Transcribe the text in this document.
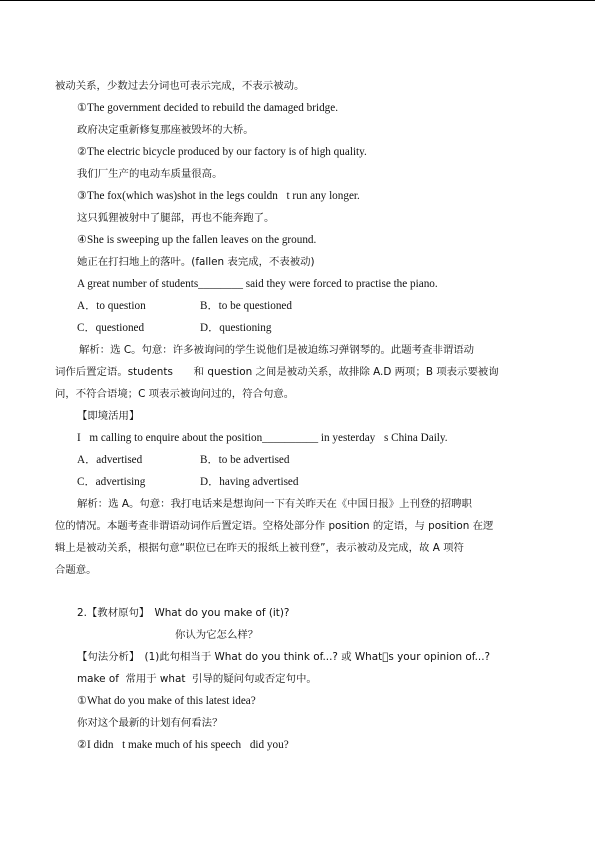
被动关系，少数过去分词也可表示完成，不表示被动。
①The government decided to rebuild the damaged bridge.
政府决定重新修复那座被毁坏的大桥。
②The electric bicycle produced by our factory is of high quality.
我们厂生产的电动车质量很高。
③The fox(which was)shot in the legs couldn t run any longer.
这只狐狸被射中了腿部，再也不能奔跑了。
④She is sweeping up the fallen leaves on the ground.
她正在打扫地上的落叶。(fallen 表完成，不表被动)
A great number of students________ said they were forced to practise the piano.
A．to question	B．to be questioned
C．questioned	D．questioning
解析：选 C。句意：许多被询问的学生说他们是被迫练习弹钢琴的。此题考查非谓语动
词作后置定语。students　　和 question 之间是被动关系，故排除 A.D 两项；B 项表示要被询
问，不符合语境；C 项表示被询问过的，符合句意。
【即境活用】
I m calling to enquire about the position__________ in yesterday s China Daily.
A．advertised	B．to be advertised
C．advertising	D．having advertised
解析：选 A。句意：我打电话来是想询问一下有关昨天在《中国日报》上刊登的招聘职
位的情况。本题考查非谓语动词作后置定语。空格处部分作 position 的定语，与 position 在逻
辑上是被动关系，根据句意“职位已在昨天的报纸上被刊登”，表示被动及完成，故 A 项符
合题意。
2.【教材原句】　What do you make of (it)?
你认为它怎么样？
【句法分析】　(1)此句相当于 What do you think of...? 或 What s your opinion of...?
make of  常用于 what  引导的疑问句或否定句中。
①What do you make of this latest idea?
你对这个最新的计划有何看法？
②I didn t make much of his speech，did you?
